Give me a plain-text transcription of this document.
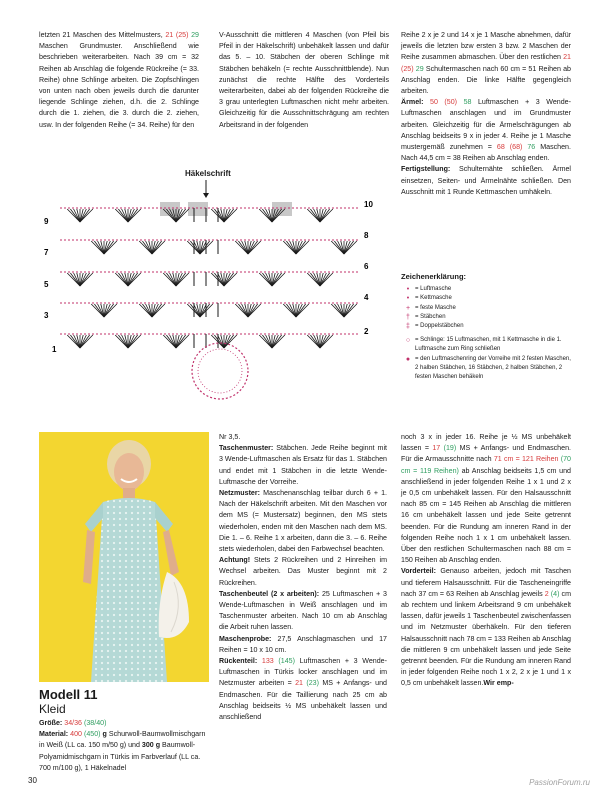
letzten 21 Maschen des Mittelmusters, 21 (25) 29 Maschen Grundmuster. Anschließend wie beschrieben weiterarbeiten. Nach 39 cm = 32 Reihen ab Anschlag die folgende Rückreihe (= 33. Reihe) ohne Schlinge arbeiten. Die Zopfschlingen von unten nach oben jeweils durch die darunter liegende Schlinge ziehen, d.h. die 2. Schlinge durch die 1. ziehen, die 3. durch die 2. ziehen, usw. In der folgenden Reihe (= 34. Reihe) für den

V-Ausschnitt die mittleren 4 Maschen (von Pfeil bis Pfeil in der Häkelschrift) unbehäkelt lassen und dafür das 5. – 10. Stäbchen der oberen Schlinge mit Stäbchen behäkeln (= rechte Ausschnittblende). Nun zunächst die rechte Hälfte des Vorderteils weiterarbeiten, dabei ab der folgenden Rückreihe die 3 grau unterlegten Luftmaschen nicht mehr arbeiten. Gleichzeitig für die Ausschnittschrägung am rechten Arbeitsrand in der folgenden

Reihe 2 x je 2 und 14 x je 1 Masche abnehmen, dafür jeweils die letzten bzw ersten 3 bzw. 2 Maschen der Reihe zusammen abmaschen. Über den restlichen 21 (25) 29 Schultermaschen nach 60 cm = 51 Reihen ab Anschlag enden. Die linke Hälfte gegengleich arbeiten.

Ärmel: 50 (50) 58 Luftmaschen + 3 Wende-Luftmaschen anschlagen und im Grundmuster arbeiten. Gleichzeitig für die Ärmelschrägungen ab Anschlag beidseits 9 x in jeder 4. Reihe je 1 Masche mustergemäß zunehmen = 68 (68) 76 Maschen. Nach 44,5 cm = 38 Reihen ab Anschlag enden.

Fertigstellung: Schulternähte schließen. Ärmel einsetzen, Seiten- und Ärmelnähte schließen. Den Ausschnitt mit 1 Runde Kettmaschen umhäkeln.

Häkelschrift
9
7
5
3
1
10
8
6
4
2
Zeichenerklärung:
• = Luftmasche
• = Kettmasche
+ = feste Masche
† = Stäbchen
‡ = Doppelstäbchen
○ = Schlinge: 15 Luftmaschen, mit 1 Kettmasche in die 1. Luftmasche zum Ring schließen
● = den Luftmaschenring der Vorreihe mit 2 festen Maschen, 2 halben Stäbchen, 16 Stäbchen, 2 halben Stäbchen, 2 festen Maschen behäkeln
Modell 11
Kleid
Größe: 34/36 (38/40)
Material: 400 (450) g Schurwoll-Baumwollmischgarn in Weiß (LL ca. 150 m/50 g) und 300 g Baumwoll-Polyamidmischgarn in Türkis im Farbverlauf (LL ca. 700 m/100 g), 1 Häkelnadel

Nr 3,5.

Taschenmuster: Stäbchen. Jede Reihe beginnt mit 3 Wende-Luftmaschen als Ersatz für das 1. Stäbchen und endet mit 1 Stäbchen in die letzte Wende-Luftmasche der Vorreihe.

Netzmuster: Maschenanschlag teilbar durch 6 + 1. Nach der Häkelschrift arbeiten. Mit den Maschen vor dem MS (= Mustersatz) beginnen, den MS stets wiederholen, enden mit den Maschen nach dem MS. Die 1. – 6. Reihe 1 x arbeiten, dann die 3. – 6. Reihe stets wiederholen, dabei den Farbwechsel beachten.

Achtung! Stets 2 Rückreihen und 2 Hinreihen im Wechsel arbeiten. Das Muster beginnt mit 2 Rückreihen.

Taschenbeutel (2 x arbeiten): 25 Luftmaschen + 3 Wende-Luftmaschen in Weiß anschlagen und im Taschenmuster arbeiten. Nach 10 cm ab Anschlag die Arbeit ruhen lassen.

Maschenprobe: 27,5 Anschlagmaschen und 17 Reihen = 10 x 10 cm.

Rückenteil: 133 (145) Luftmaschen + 3 Wende-Luftmaschen in Türkis locker anschlagen und im Netzmuster arbeiten = 21 (23) MS + Anfangs- und Endmaschen. Für die Taillierung nach 25 cm ab Anschlag beidseits ½ MS unbehäkelt lassen und anschließend

noch 3 x in jeder 16. Reihe je ½ MS unbehäkelt lassen = 17 (19) MS + Anfangs- und Endmaschen. Für die Armausschnitte nach 71 cm = 121 Reihen (70 cm = 119 Reihen) ab Anschlag beidseits 1,5 cm und anschließend in jeder folgenden Reihe 1 x 1 und 2 x je 0,5 cm unbehäkelt lassen. Für den Halsausschnitt nach 85 cm = 145 Reihen ab Anschlag die mittleren 16 cm unbehäkelt lassen und jede Seite getrennt beenden. Für die Rundung am inneren Rand in der folgenden Reihe noch 1 x 1 cm unbehäkelt lassen. Über den restlichen Schultermaschen nach 88 cm = 150 Reihen ab Anschlag enden.

Vorderteil: Genauso arbeiten, jedoch mit Taschen und tieferem Halsausschnitt. Für die Tascheneingriffe nach 37 cm = 63 Reihen ab Anschlag jeweils 2 (4) cm ab rechtem und linkem Arbeitsrand 9 cm unbehäkelt lassen, dafür jeweils 1 Taschenbeutel zwischenfassen und im Netzmuster überhäkeln. Für den tieferen Halsausschnitt nach 78 cm = 133 Reihen ab Anschlag die mittleren 9 cm unbehäkelt lassen und jede Seite getrennt beenden. Für die Rundung am inneren Rand in jeder folgenden Reihe noch 1 x 2, 2 x je 1 und 1 x 0,5 cm unbehäkelt lassen.Wir emp-

30	PassionForum.ru
